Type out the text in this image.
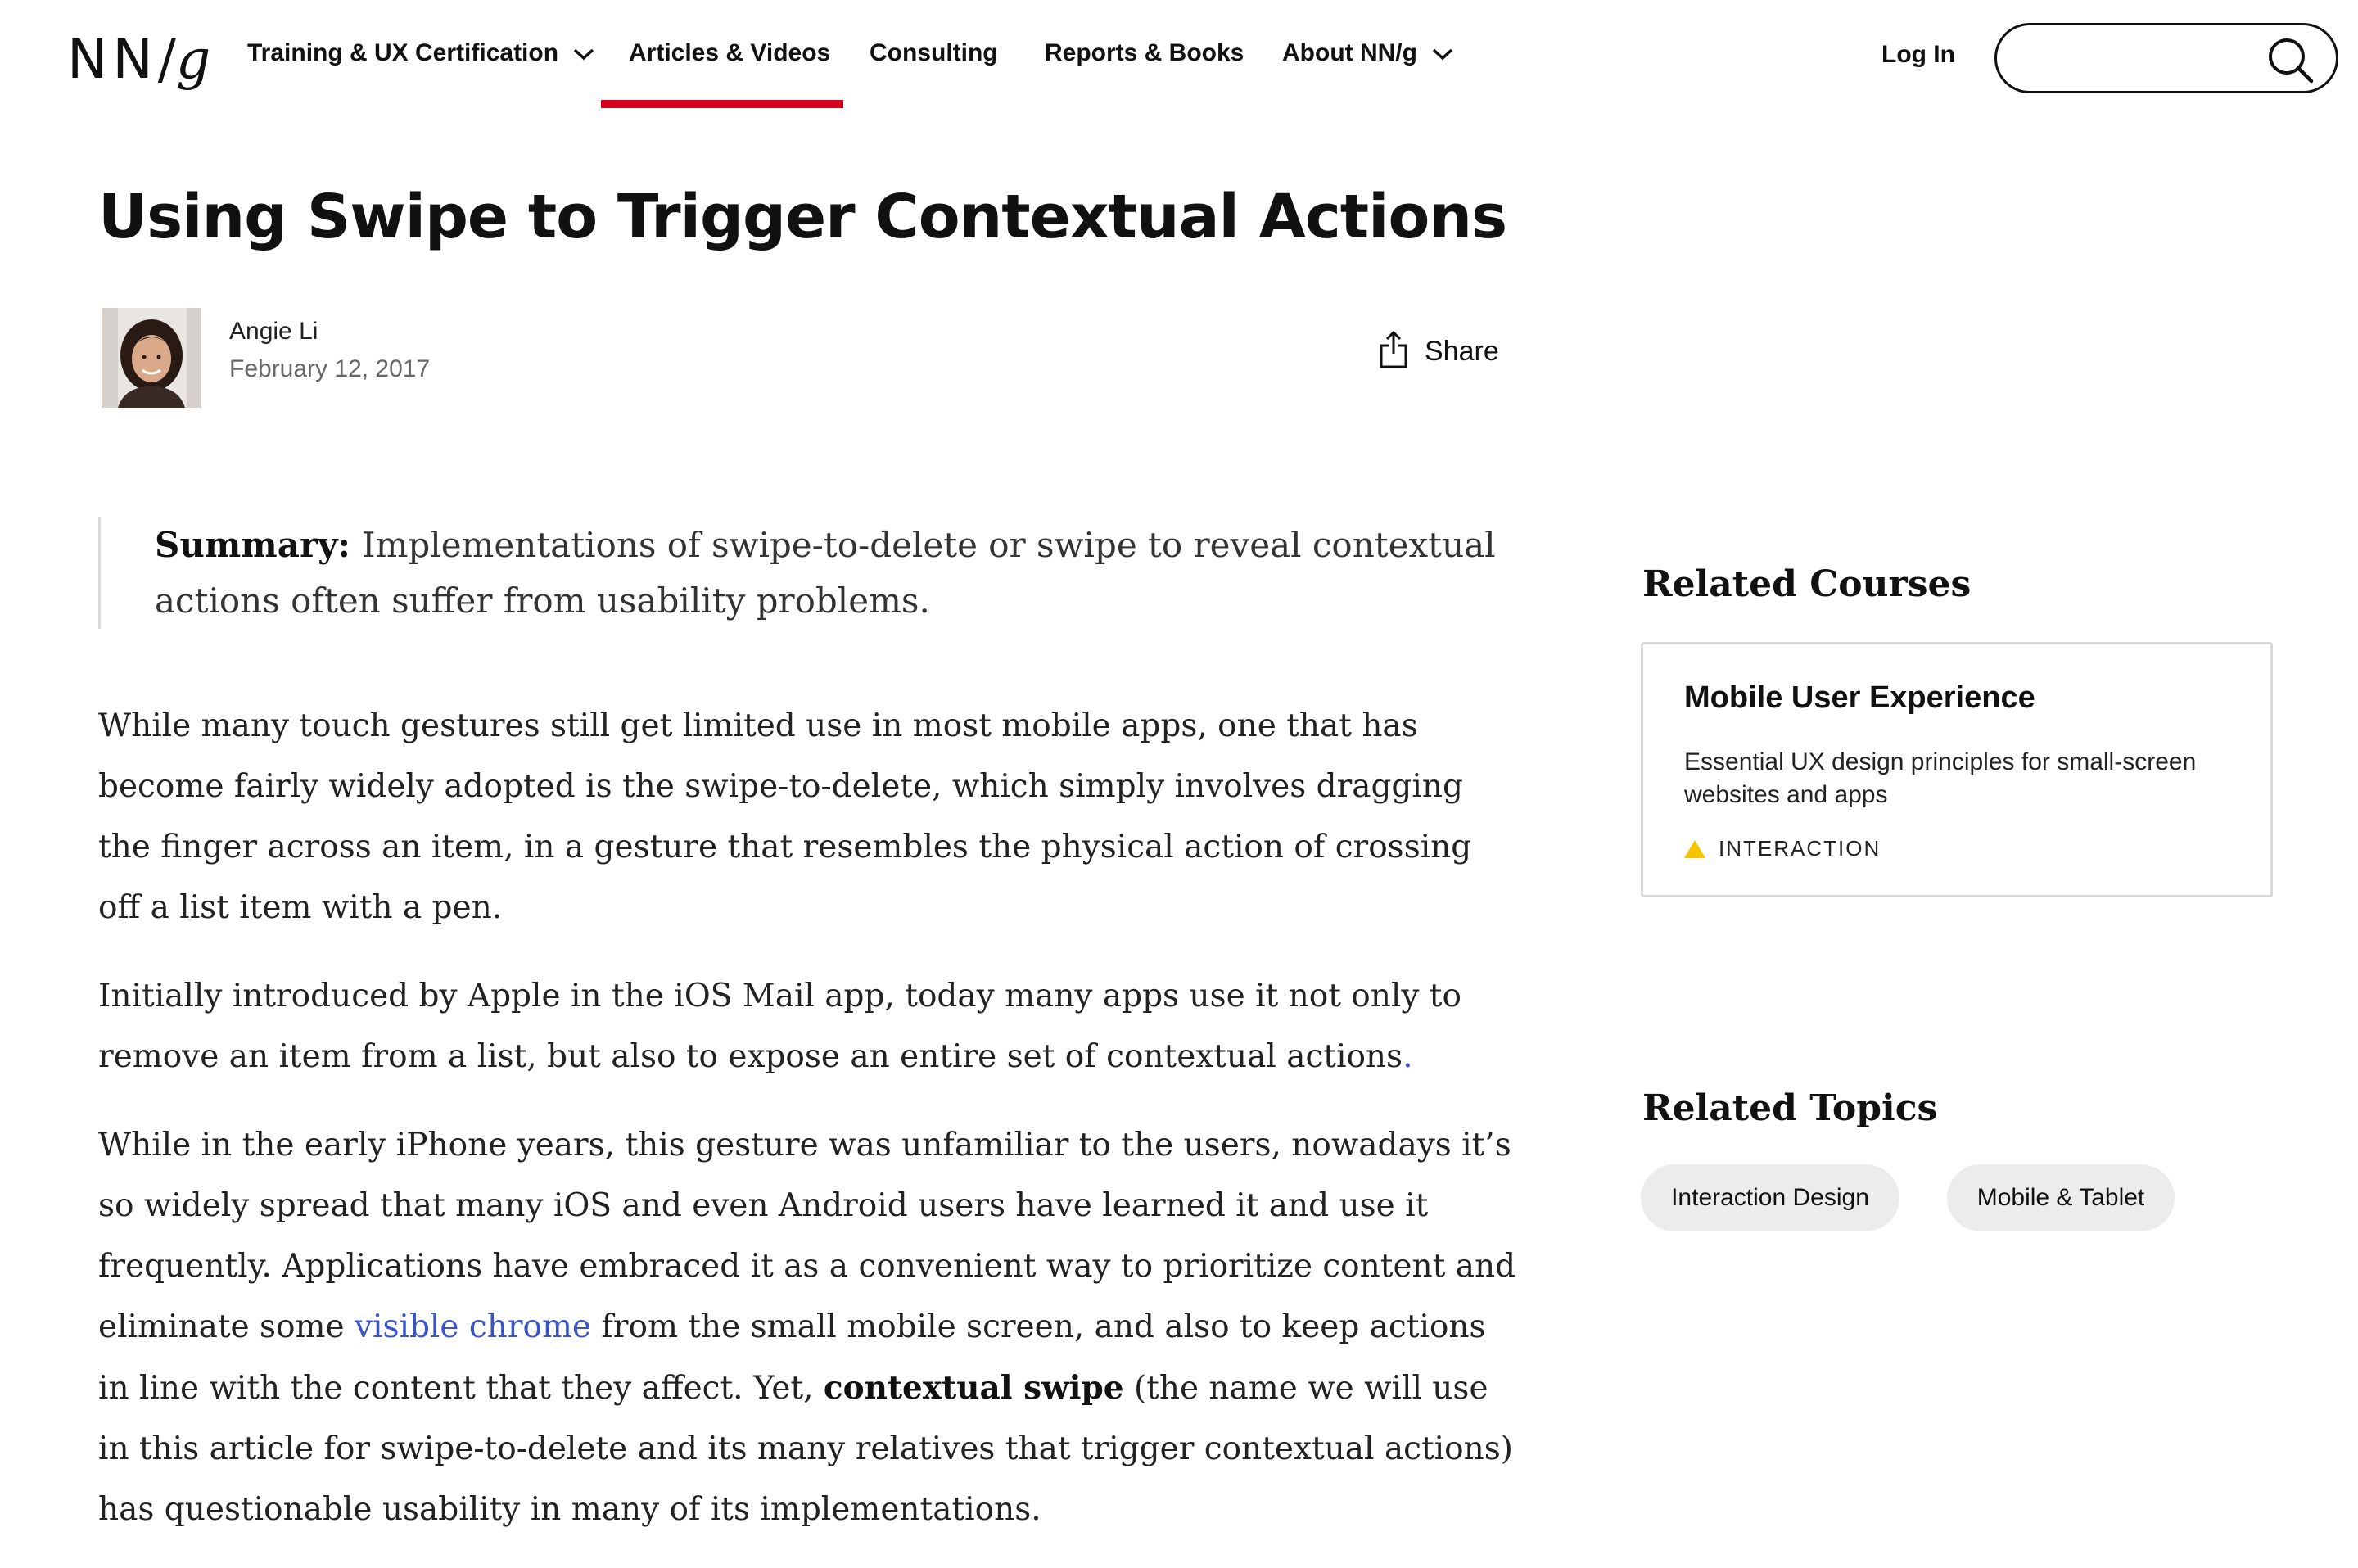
NN/g Training & UX Certification	Articles & Videos Consulting Reports & Books About NN/g	Log In
Using Swipe to Trigger Contextual Actions
Angie Li
February 12, 2017
Share
Summary: Implementations of swipe-to-delete or swipe to reveal contextual actions often suffer from usability problems.

While many touch gestures still get limited use in most mobile apps, one that has become fairly widely adopted is the swipe-to-delete, which simply involves dragging the finger across an item, in a gesture that resembles the physical action of crossing off a list item with a pen.

Initially introduced by Apple in the iOS Mail app, today many apps use it not only to remove an item from a list, but also to expose an entire set of contextual actions.

While in the early iPhone years, this gesture was unfamiliar to the users, nowadays it’s so widely spread that many iOS and even Android users have learned it and use it frequently. Applications have embraced it as a convenient way to prioritize content and eliminate some visible chrome from the small mobile screen, and also to keep actions in line with the content that they affect. Yet, contextual swipe (the name we will use in this article for swipe-to-delete and its many relatives that trigger contextual actions) has questionable usability in many of its implementations.

Related Courses
Mobile User Experience
Essential UX design principles for small-screen websites and apps
INTERACTION
Related Topics
Interaction Design	Mobile & Tablet
